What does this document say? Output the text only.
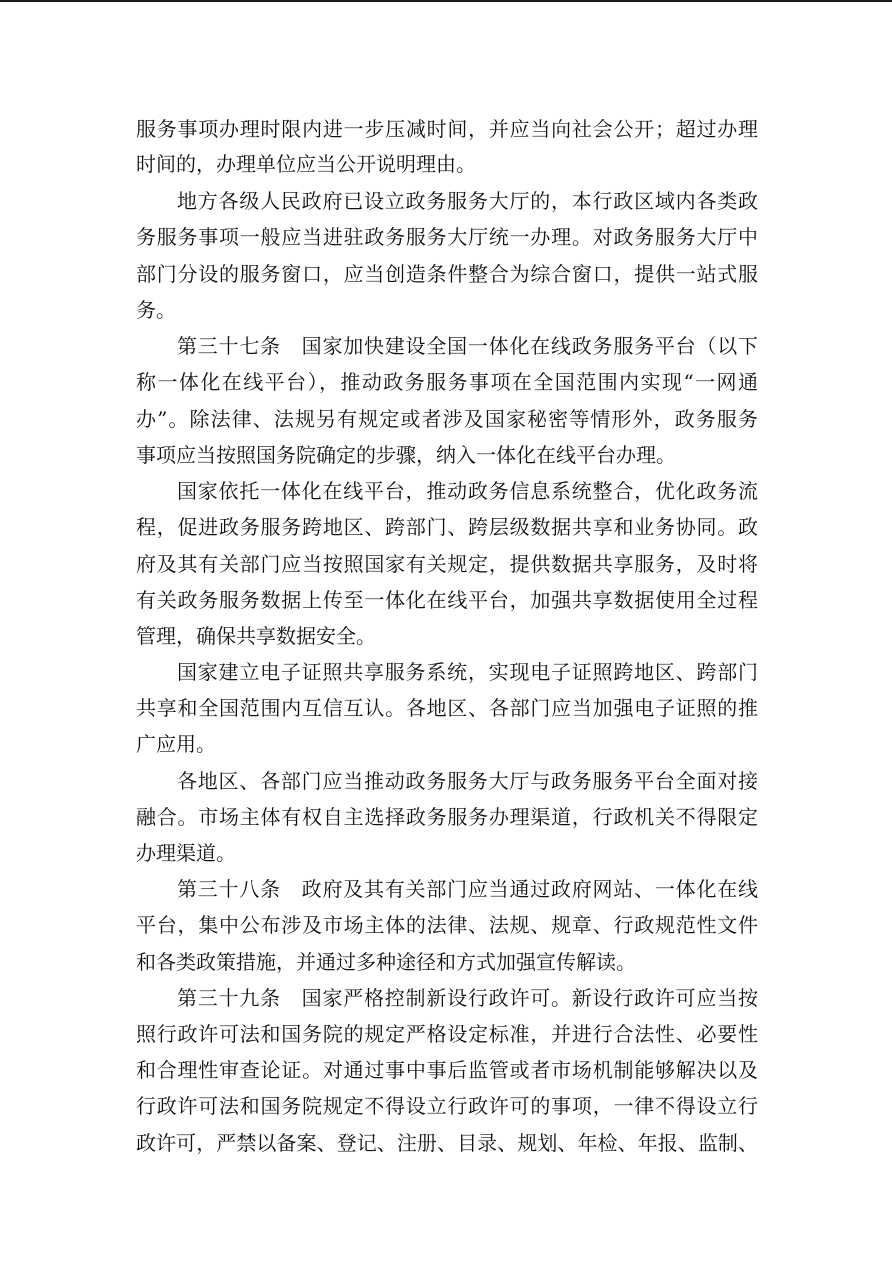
服务事项办理时限内进一步压减时间，并应当向社会公开；超过办理
时间的，办理单位应当公开说明理由。
地方各级人民政府已设立政务服务大厅的，本行政区域内各类政
务服务事项一般应当进驻政务服务大厅统一办理。对政务服务大厅中
部门分设的服务窗口，应当创造条件整合为综合窗口，提供一站式服
务。
第三十七条　国家加快建设全国一体化在线政务服务平台（以下
称一体化在线平台），推动政务服务事项在全国范围内实现“一网通
办”。除法律、法规另有规定或者涉及国家秘密等情形外，政务服务
事项应当按照国务院确定的步骤，纳入一体化在线平台办理。
国家依托一体化在线平台，推动政务信息系统整合，优化政务流
程，促进政务服务跨地区、跨部门、跨层级数据共享和业务协同。政
府及其有关部门应当按照国家有关规定，提供数据共享服务，及时将
有关政务服务数据上传至一体化在线平台，加强共享数据使用全过程
管理，确保共享数据安全。
国家建立电子证照共享服务系统，实现电子证照跨地区、跨部门
共享和全国范围内互信互认。各地区、各部门应当加强电子证照的推
广应用。
各地区、各部门应当推动政务服务大厅与政务服务平台全面对接
融合。市场主体有权自主选择政务服务办理渠道，行政机关不得限定
办理渠道。
第三十八条　政府及其有关部门应当通过政府网站、一体化在线
平台，集中公布涉及市场主体的法律、法规、规章、行政规范性文件
和各类政策措施，并通过多种途径和方式加强宣传解读。
第三十九条　国家严格控制新设行政许可。新设行政许可应当按
照行政许可法和国务院的规定严格设定标准，并进行合法性、必要性
和合理性审查论证。对通过事中事后监管或者市场机制能够解决以及
行政许可法和国务院规定不得设立行政许可的事项，一律不得设立行
政许可，严禁以备案、登记、注册、目录、规划、年检、年报、监制、
